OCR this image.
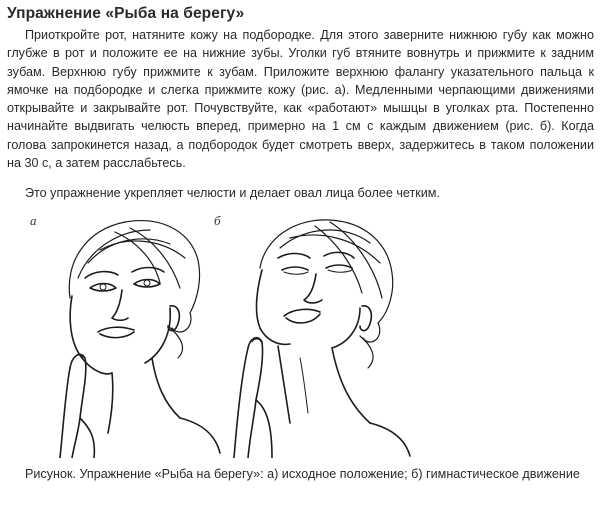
Упражнение «Рыба на берегу»
Приоткройте рот, натяните кожу на подбородке. Для этого заверните нижнюю губу как можно глубже в рот и положите ее на нижние зубы. Уголки губ втяните вовнутрь и прижмите к задним зубам. Верхнюю губу прижмите к зубам. Приложите верхнюю фалангу указательного пальца к ямочке на подбородке и слегка прижмите кожу (рис. а). Медленными черпающими движениями открывайте и закрывайте рот. Почувствуйте, как «работают» мышцы в уголках рта. Постепенно начинайте выдвигать челюсть вперед, примерно на 1 см с каждым движением (рис. б). Когда голова запрокинется назад, а подбородок будет смотреть вверх, задержитесь в таком положении на 30 с, а затем расслабьтесь.
Это упражнение укрепляет челюсти и делает овал лица более четким.
а	б
Рисунок. Упражнение «Рыба на берегу»: а) исходное положение; б) гимнастическое движение
